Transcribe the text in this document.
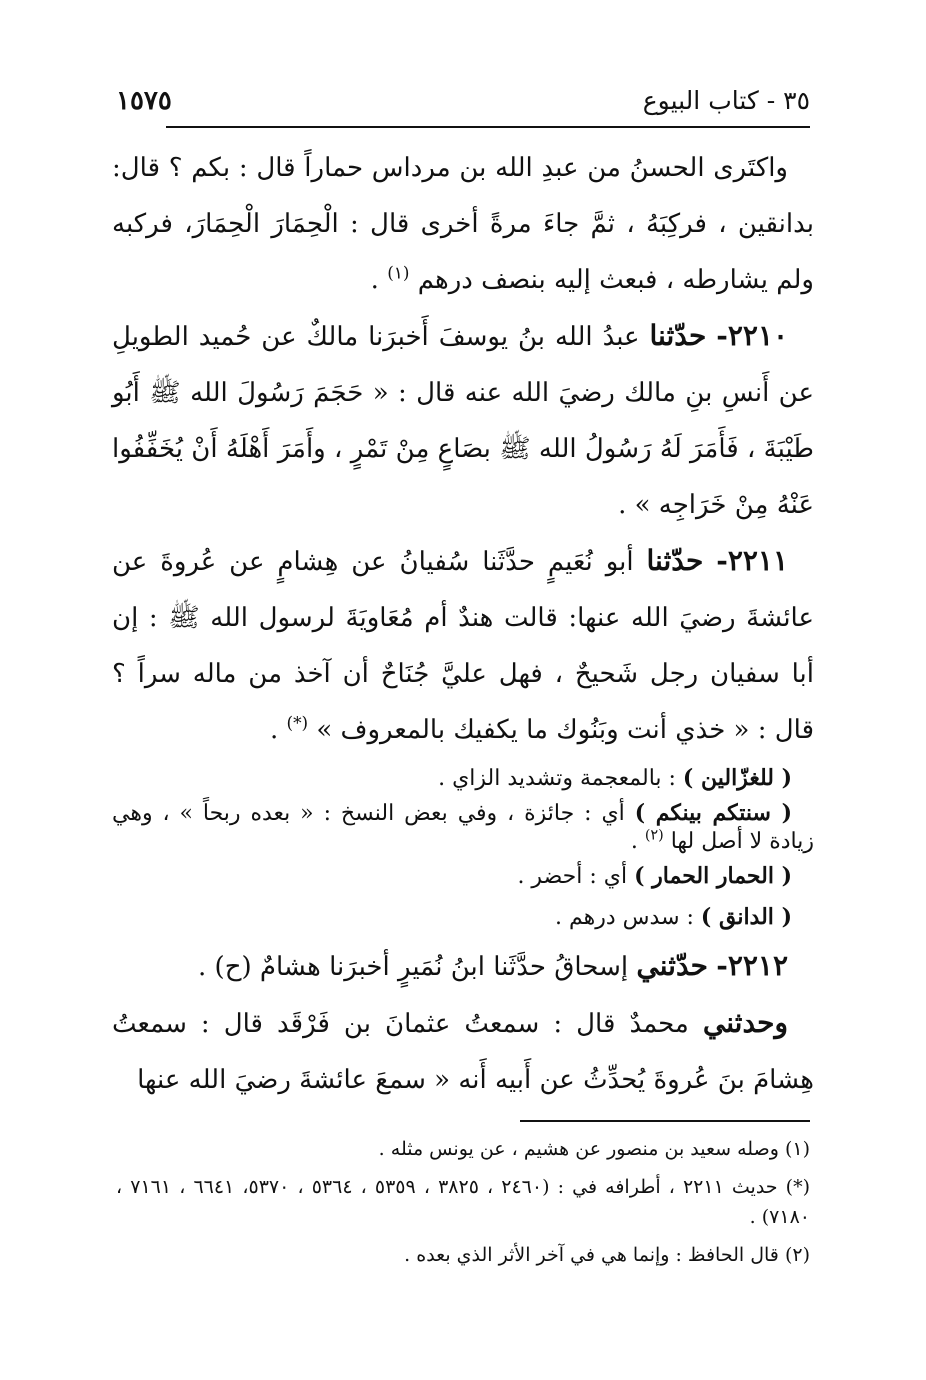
٣٥ - كتاب البيوع
١٥٧٥

واكتَرى الحسنُ من عبدِ الله بن مرداس حماراً قال : بكم ؟ قال: بدانقين ، فركِبَهُ ، ثمَّ جاءَ مرةً أخرى قال : الْحِمَارَ الْحِمَارَ، فركبه ولم يشارطه ، فبعث إليه بنصف درهم $^{(١)}$ .

٢٢١٠- حدّثنا عبدُ الله بنُ يوسفَ أَخبرَنا مالكٌ عن حُميد الطويلِ عن أَنسِ بنِ مالك رضيَ الله عنه قال : « حَجَمَ رَسُولَ الله ﷺ أَبُو طَيْبَةَ ، فَأَمَرَ لَهُ رَسُولُ الله ﷺ بصَاعٍ مِنْ تَمْرٍ ، وأَمَرَ أَهْلَهُ أَنْ يُخَفِّفُوا عَنْهُ مِنْ خَرَاجِه » .

٢٢١١- حدّثنا أبو نُعَيمٍ حدَّثَنا سُفيانُ عن هِشامٍ عن عُروةَ عن عائشةَ رضيَ الله عنها: قالت هندٌ أم مُعَاويَةَ لرسول الله ﷺ : إن أبا سفيان رجل شَحيحٌ ، فهل عليَّ جُنَاحٌ أن آخذ من ماله سراً ؟ قال : « خذي أنت وبَنُوك ما يكفيك بالمعروف » (*) .

( للغزّالين ) : بالمعجمة وتشديد الزاي .

( سنتكم بينكم ) أي : جائزة ، وفي بعض النسخ : « بعده ربحاً » ، وهي زيادة لا أصل لها $^{(٢)}$ .

( الحمار الحمار ) أي : أحضر .

( الدانق ) : سدس درهم .

٢٢١٢- حدّثني إسحاقُ حدَّثَنا ابنُ نُمَيرٍ أخبرَنا هشامٌ (ح) .

وحدثني محمدٌ قال : سمعتُ عثمانَ بن فَرْقَد قال : سمعتُ هِشامَ بنَ عُروةَ يُحدِّثُ عن أَبيه أَنه « سمعَ عائشةَ رضيَ الله عنها

(١) وصله سعيد بن منصور عن هشيم ، عن يونس مثله .

(*) حديث ٢٢١١ ، أطرافه في : (٢٤٦٠ ، ٣٨٢٥ ، ٥٣٥٩ ، ٥٣٦٤ ، ٥٣٧٠، ٦٦٤١ ، ٧١٦١ ، ٧١٨٠) .

(٢) قال الحافظ : وإنما هي في آخر الأثر الذي بعده .
